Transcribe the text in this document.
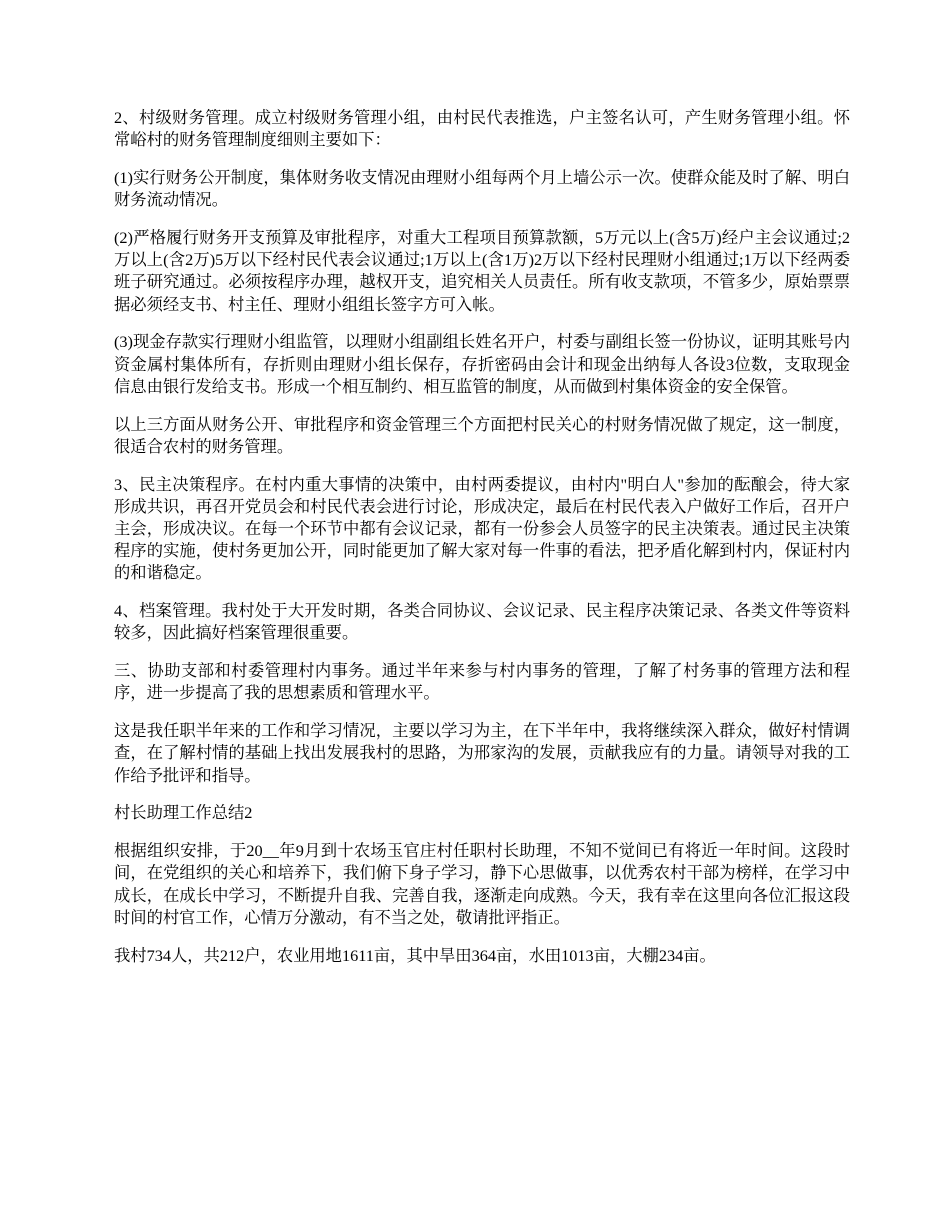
2、村级财务管理。成立村级财务管理小组，由村民代表推选，户主签名认可，产生财务管理小组。怀常峪村的财务管理制度细则主要如下：

(1)实行财务公开制度，集体财务收支情况由理财小组每两个月上墙公示一次。使群众能及时了解、明白财务流动情况。

(2)严格履行财务开支预算及审批程序，对重大工程项目预算款额，5万元以上(含5万)经户主会议通过;2万以上(含2万)5万以下经村民代表会议通过;1万以上(含1万)2万以下经村民理财小组通过;1万以下经两委班子研究通过。必须按程序办理，越权开支，追究相关人员责任。所有收支款项，不管多少，原始票票据必须经支书、村主任、理财小组组长签字方可入帐。

(3)现金存款实行理财小组监管，以理财小组副组长姓名开户，村委与副组长签一份协议，证明其账号内资金属村集体所有，存折则由理财小组长保存，存折密码由会计和现金出纳每人各设3位数，支取现金信息由银行发给支书。形成一个相互制约、相互监管的制度，从而做到村集体资金的安全保管。

以上三方面从财务公开、审批程序和资金管理三个方面把村民关心的村财务情况做了规定，这一制度，很适合农村的财务管理。

3、民主决策程序。在村内重大事情的决策中，由村两委提议，由村内"明白人"参加的酝酿会，待大家形成共识，再召开党员会和村民代表会进行讨论，形成决定，最后在村民代表入户做好工作后，召开户主会，形成决议。在每一个环节中都有会议记录，都有一份参会人员签字的民主决策表。通过民主决策程序的实施，使村务更加公开，同时能更加了解大家对每一件事的看法，把矛盾化解到村内，保证村内的和谐稳定。

4、档案管理。我村处于大开发时期，各类合同协议、会议记录、民主程序决策记录、各类文件等资料较多，因此搞好档案管理很重要。

三、协助支部和村委管理村内事务。通过半年来参与村内事务的管理，了解了村务事的管理方法和程序，进一步提高了我的思想素质和管理水平。

这是我任职半年来的工作和学习情况，主要以学习为主，在下半年中，我将继续深入群众，做好村情调查，在了解村情的基础上找出发展我村的思路，为邢家沟的发展，贡献我应有的力量。请领导对我的工作给予批评和指导。

村长助理工作总结2

根据组织安排，于20__年9月到十农场玉官庄村任职村长助理，不知不觉间已有将近一年时间。这段时间，在党组织的关心和培养下，我们俯下身子学习，静下心思做事，以优秀农村干部为榜样，在学习中成长，在成长中学习，不断提升自我、完善自我，逐渐走向成熟。今天，我有幸在这里向各位汇报这段时间的村官工作，心情万分激动，有不当之处，敬请批评指正。

我村734人，共212户，农业用地1611亩，其中旱田364亩，水田1013亩，大棚234亩。
